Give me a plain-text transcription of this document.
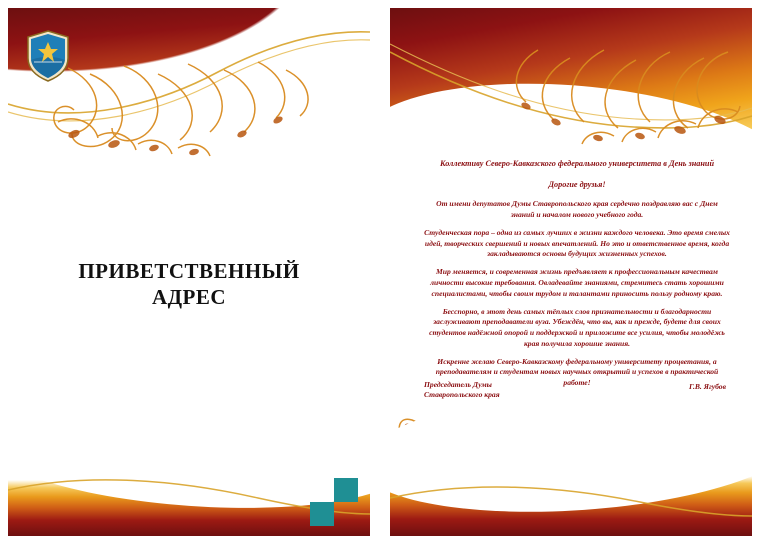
ПРИВЕТСТВЕННЫЙ
АДРЕС
Коллективу Северо-Кавказского федерального университета в День знаний
Дорогие друзья!

От имени депутатов Думы Ставропольского края сердечно поздравляю вас с Днем знаний и началом нового учебного года.

Студенческая пора – одна из самых лучших в жизни каждого человека. Это время смелых идей, творческих свершений и новых впечатлений. Но это и ответственное время, когда закладываются основы будущих жизненных успехов.

Мир меняется, и современная жизнь предъявляет к профессиональным качествам личности высокие требования. Овладевайте знаниями, стремитесь стать хорошими специалистами, чтобы своим трудом и талантами приносить пользу родному краю.

Бесспорно, в этот день самых тёплых слов признательности и благодарности заслуживают преподаватели вуза. Убеждён, что вы, как и прежде, будете для своих студентов надёжной опорой и поддержкой и приложите все усилия, чтобы молодёжь края получила хорошие знания.

Искренне желаю Северо-Кавказскому федеральному университету процветания, а преподавателям и студентам новых научных открытий и успехов в практической работе!

Председатель Думы
Ставропольского края
Г.В. Ягубов
